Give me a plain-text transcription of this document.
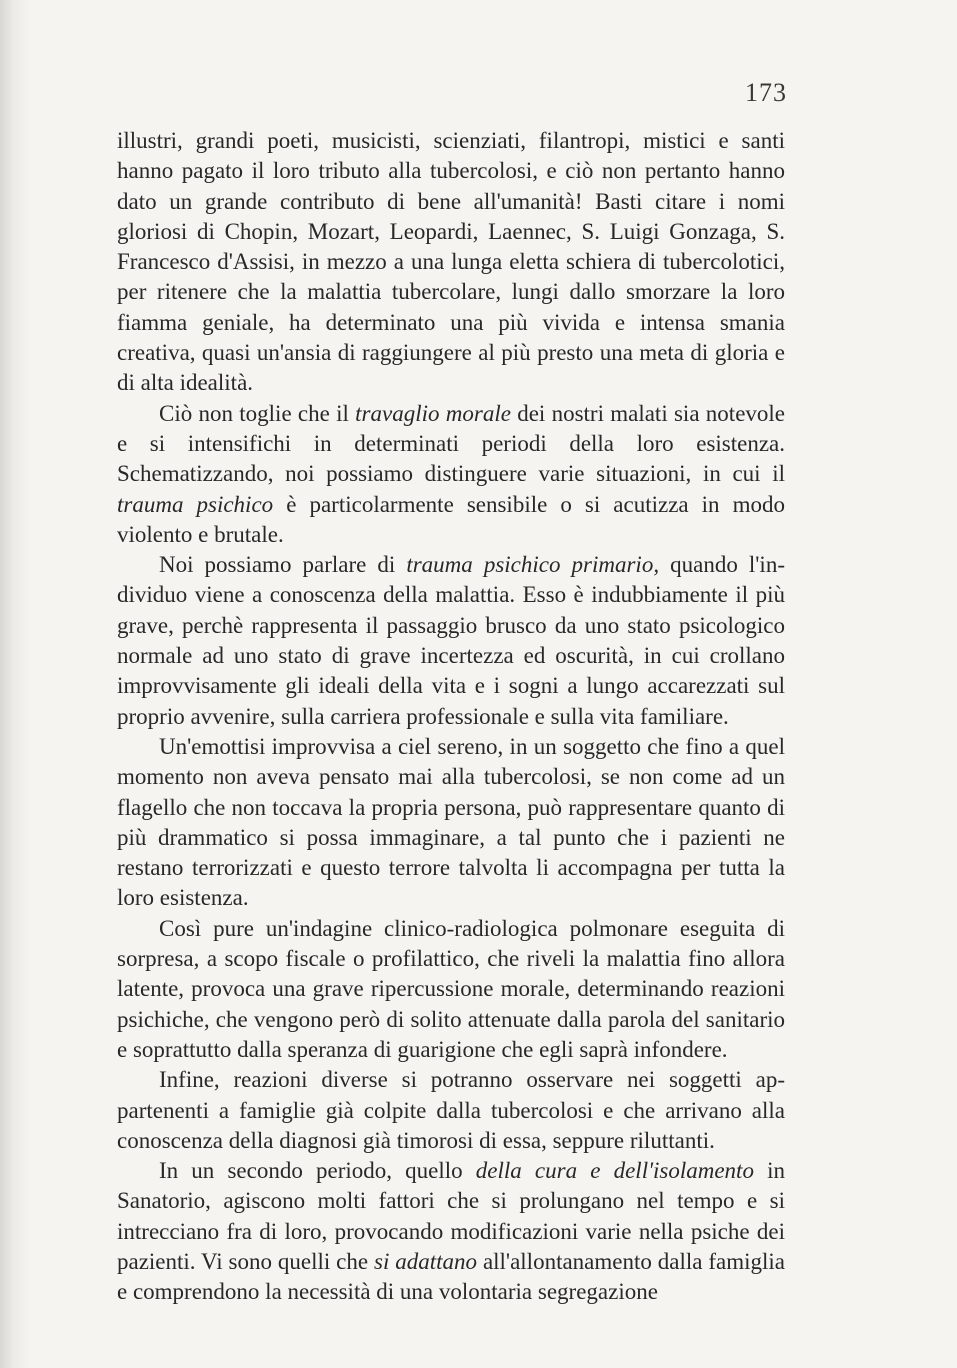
173

illustri, grandi poeti, musicisti, scienziati, filantropi, mistici e santi hanno pagato il loro tributo alla tubercolosi, e ciò non pertanto hanno dato un grande contributo di bene all'umanità! Basti citare i nomi gloriosi di Chopin, Mozart, Leopardi, Laennec, S. Luigi Gonzaga, S. Francesco d'Assisi, in mezzo a una lunga eletta schiera di tubercolotici, per ritenere che la malattia tubercolare, lungi dallo smorzare la loro fiamma geniale, ha determinato una più vivida e intensa smania creativa, quasi un'ansia di raggiungere al più presto una meta di gloria e di alta idealità.

Ciò non toglie che il travaglio morale dei nostri malati sia notevole e si intensifichi in determinati periodi della loro esistenza. Schematizzando, noi possiamo distinguere varie situazioni, in cui il trauma psichico è particolarmente sensibile o si acutizza in modo violento e brutale.

Noi possiamo parlare di trauma psichico primario, quando l'individuo viene a conoscenza della malattia. Esso è indubbiamente il più grave, perchè rappresenta il passaggio brusco da uno stato psicologico normale ad uno stato di grave incertezza ed oscurità, in cui crollano improvvisamente gli ideali della vita e i sogni a lungo accarezzati sul proprio avvenire, sulla carriera professionale e sulla vita familiare.

Un'emottisi improvvisa a ciel sereno, in un soggetto che fino a quel momento non aveva pensato mai alla tubercolosi, se non come ad un flagello che non toccava la propria persona, può rappresentare quanto di più drammatico si possa immaginare, a tal punto che i pazienti ne restano terrorizzati e questo terrore talvolta li accompagna per tutta la loro esistenza.

Così pure un'indagine clinico-radiologica polmonare eseguita di sorpresa, a scopo fiscale o profilattico, che riveli la malattia fino allora latente, provoca una grave ripercussione morale, determinando reazioni psichiche, che vengono però di solito attenuate dalla parola del sanitario e soprattutto dalla speranza di guarigione che egli saprà infondere.

Infine, reazioni diverse si potranno osservare nei soggetti appartenenti a famiglie già colpite dalla tubercolosi e che arrivano alla conoscenza della diagnosi già timorosi di essa, seppure riluttanti.

In un secondo periodo, quello della cura e dell'isolamento in Sanatorio, agiscono molti fattori che si prolungano nel tempo e si intrecciano fra di loro, provocando modificazioni varie nella psiche dei pazienti. Vi sono quelli che si adattano all'allontanamento dalla famiglia e comprendono la necessità di una volontaria segregazione
